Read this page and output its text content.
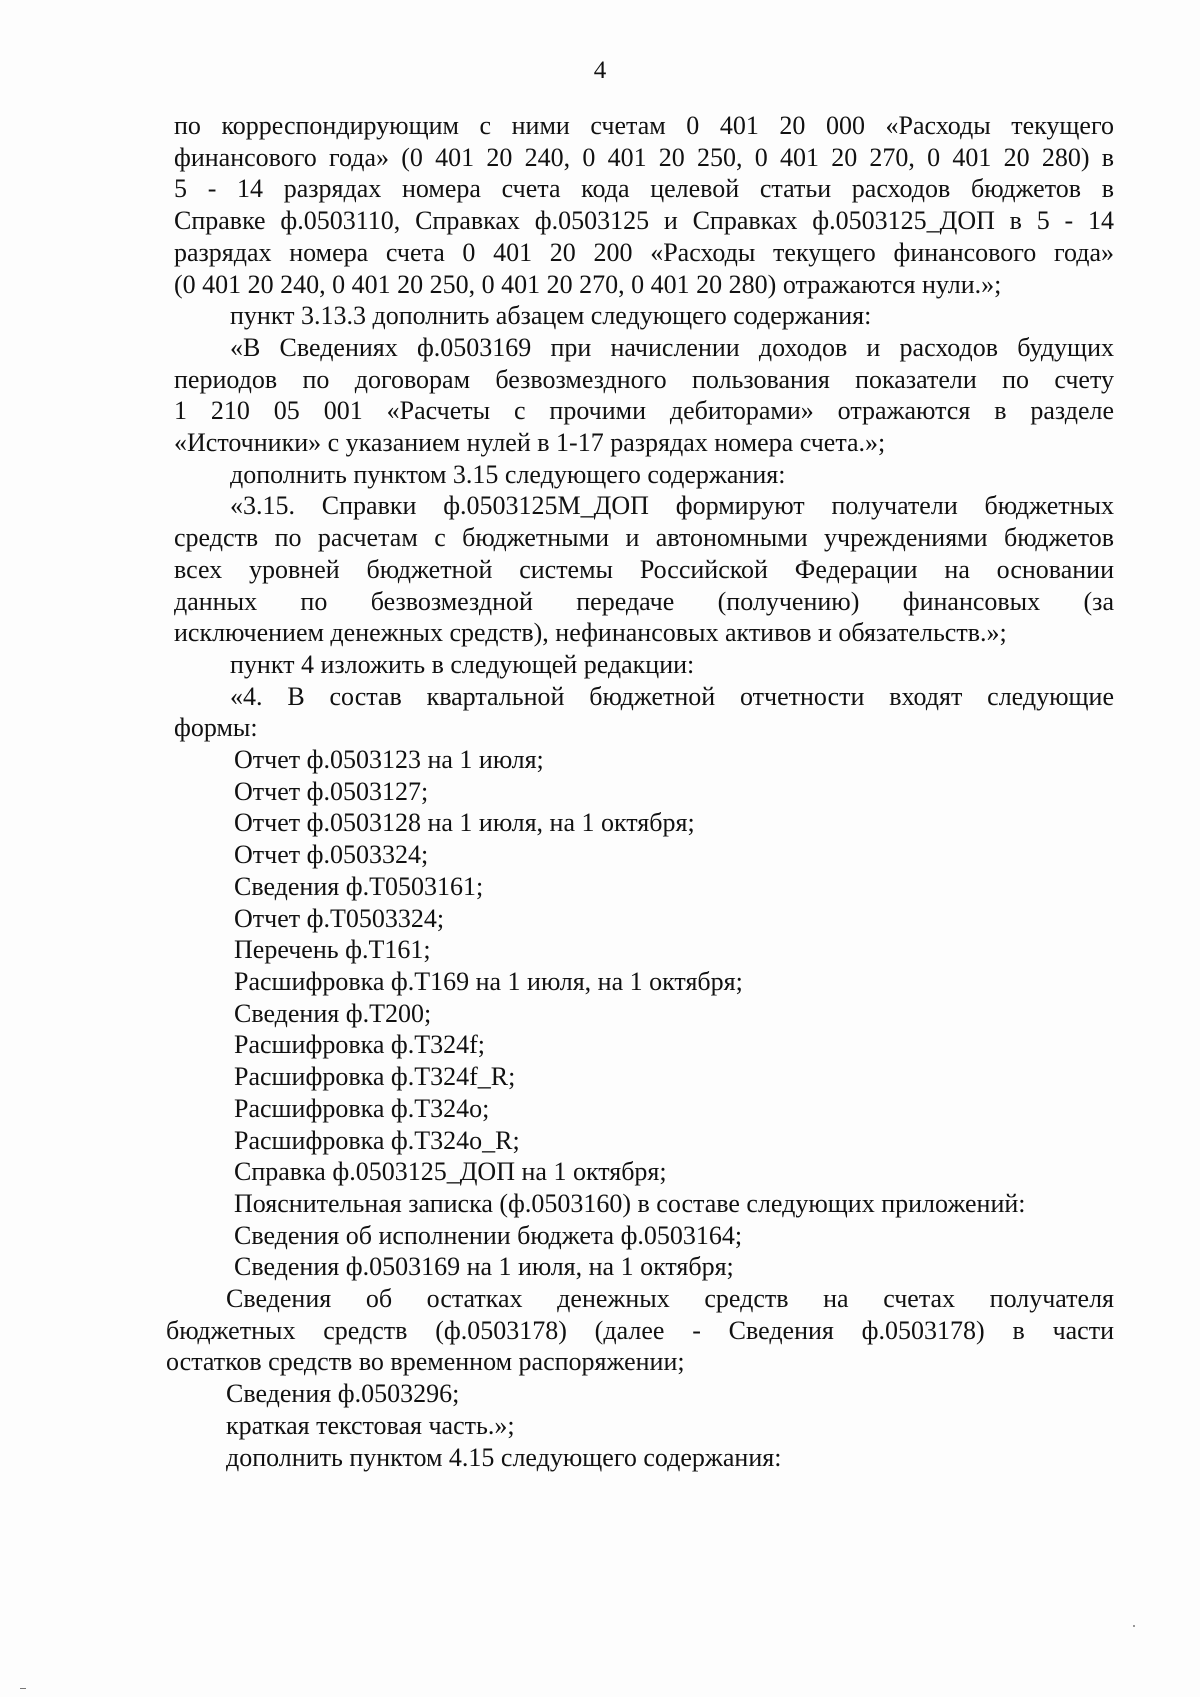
4
по корреспондирующим с ними счетам 0 401 20 000 «Расходы текущего
финансового года» (0 401 20 240, 0 401 20 250, 0 401 20 270, 0 401 20 280) в
5 - 14 разрядах номера счета кода целевой статьи расходов бюджетов в
Справке ф.0503110, Справках ф.0503125 и Справках ф.0503125_ДОП в 5 - 14
разрядах номера счета 0 401 20 200 «Расходы текущего финансового года»
(0 401 20 240, 0 401 20 250, 0 401 20 270, 0 401 20 280) отражаются нули.»;
пункт 3.13.3 дополнить абзацем следующего содержания:
«В Сведениях ф.0503169 при начислении доходов и расходов будущих
периодов по договорам безвозмездного пользования показатели по счету
1 210 05 001 «Расчеты с прочими дебиторами» отражаются в разделе
«Источники» с указанием нулей в 1-17 разрядах номера счета.»;
дополнить пунктом 3.15 следующего содержания:
«3.15. Справки ф.0503125М_ДОП формируют получатели бюджетных
средств по расчетам с бюджетными и автономными учреждениями бюджетов
всех уровней бюджетной системы Российской Федерации на основании
данных по безвозмездной передаче (получению) финансовых (за
исключением денежных средств), нефинансовых активов и обязательств.»;
пункт 4 изложить в следующей редакции:
«4. В состав квартальной бюджетной отчетности входят следующие
формы:
Отчет ф.0503123 на 1 июля;
Отчет ф.0503127;
Отчет ф.0503128 на 1 июля, на 1 октября;
Отчет ф.0503324;
Сведения ф.Т0503161;
Отчет ф.Т0503324;
Перечень ф.Т161;
Расшифровка ф.Т169 на 1 июля, на 1 октября;
Сведения ф.Т200;
Расшифровка ф.Т324f;
Расшифровка ф.Т324f_R;
Расшифровка ф.Т324о;
Расшифровка ф.Т324о_R;
Справка ф.0503125_ДОП на 1 октября;
Пояснительная записка (ф.0503160) в составе следующих приложений:
Сведения об исполнении бюджета ф.0503164;
Сведения ф.0503169 на 1 июля, на 1 октября;
Сведения об остатках денежных средств на счетах получателя
бюджетных средств (ф.0503178) (далее - Сведения ф.0503178) в части
остатков средств во временном распоряжении;
Сведения ф.0503296;
краткая текстовая часть.»;
дополнить пунктом 4.15 следующего содержания:
